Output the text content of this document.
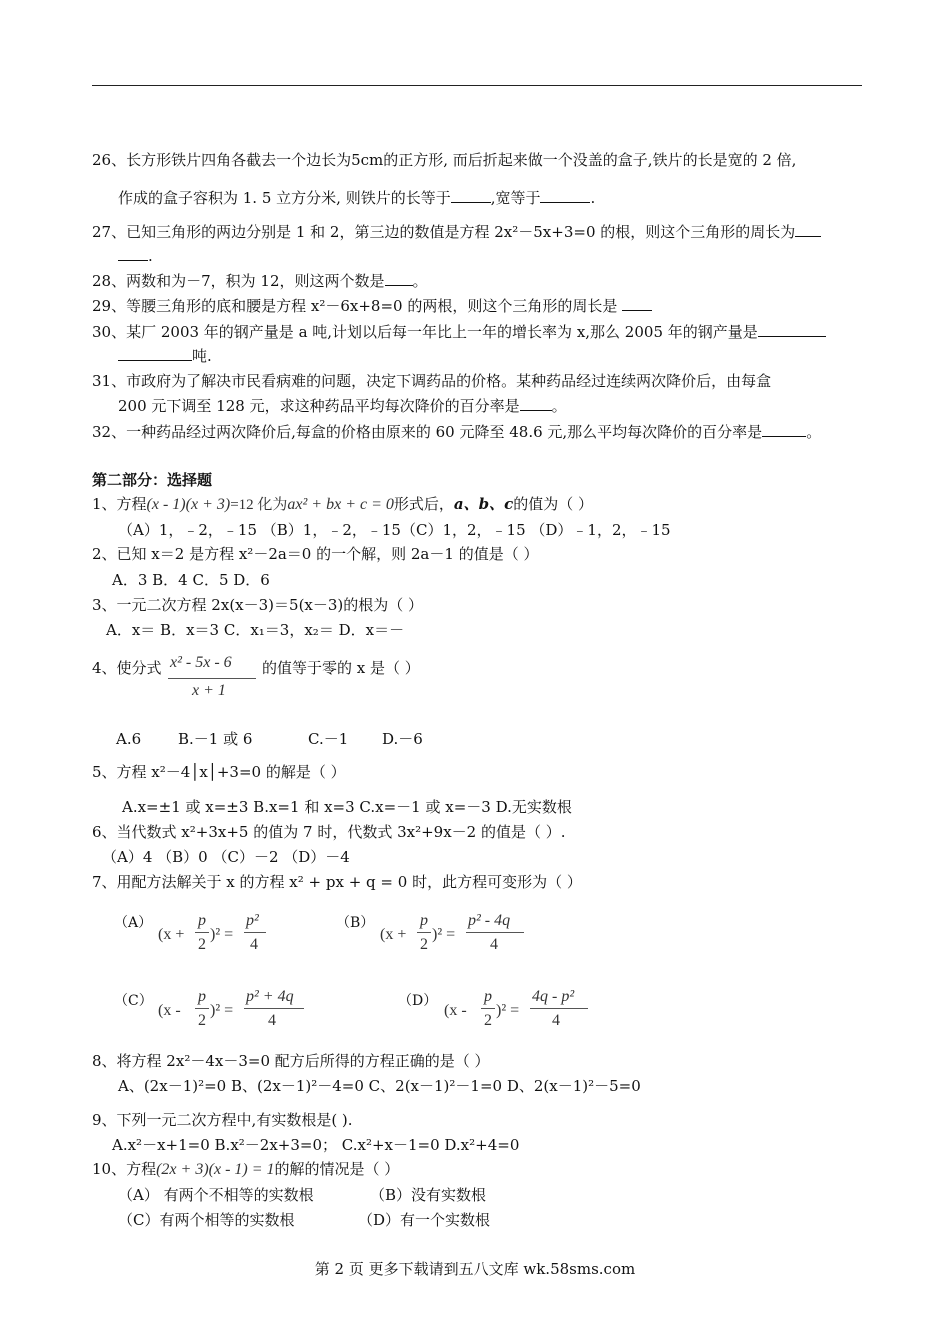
26、长方形铁片四角各截去一个边长为5cm的正方形, 而后折起来做一个没盖的盒子,铁片的长是宽的 2 倍,
作成的盒子容积为 1. 5 立方分米, 则铁片的长等于	,宽等于	.
27、已知三角形的两边分别是 1 和 2，第三边的数值是方程 2x²－5x+3=0 的根，则这个三角形的周长为
.
28、两数和为－7，积为 12，则这两个数是 。
29、等腰三角形的底和腰是方程 x²－6x+8=0 的两根，则这个三角形的周长是
30、某厂 2003 年的钢产量是 a 吨,计划以后每一年比上一年的增长率为 x,那么 2005 年的钢产量是
吨.
31、市政府为了解决市民看病难的问题，决定下调药品的价格。某种药品经过连续两次降价后，由每盒
200 元下调至 128 元，求这种药品平均每次降价的百分率是 。
32、一种药品经过两次降价后,每盒的价格由原来的 60 元降至 48.6 元,那么平均每次降价的百分率是	。
第二部分：选择题
1、方程(x - 1)(x + 3)=12 化为ax² + bx + c = 0形式后，a、b、c的值为（ ）
（A）1，﹣2，﹣15 （B）1，﹣2，﹣15（C）1，2，﹣15 （D）﹣1，2，﹣15
2、已知 x＝2 是方程 x²－2a＝0 的一个解，则 2a－1 的值是（ ）
A．3 B．4 C．5 D．6
3、一元二次方程 2x(x－3)＝5(x－3)的根为（ ）
A．x＝ B．x＝3 C．x₁＝3，x₂＝ D．x＝－
4、使分式 x² - 5x - 6
x + 1
的值等于零的 x 是（ ）
A.6 B.－1 或 6	C.－1 D.－6
5、方程 x²－4│x│+3=0 的解是（ ）
A.x=±1 或 x=±3 B.x=1 和 x=3 C.x=－1 或 x=－3 D.无实数根
6、当代数式 x²+3x+5 的值为 7 时，代数式 3x²+9x－2 的值是（ ）.
（A）4 （B）0 （C）－2 （D）－4
7、用配方法解关于 x 的方程 x² + px + q = 0 时，此方程可变形为（ ）
（A）
(x +
p
2
)² =
p²
4
（B）
(x +
p
2
)² =
p² - 4q
4
（C）
(x -
p
2
)² =
p² + 4q
4
（D）
(x -
p
2
)² =
4q - p²
4
8、将方程 2x²－4x－3=0 配方后所得的方程正确的是（ ）
A、(2x－1)²=0 B、(2x－1)²－4=0 C、2(x－1)²－1=0 D、2(x－1)²－5=0
9、下列一元二次方程中,有实数根是( ).
A.x²－x+1=0 B.x²－2x+3=0； C.x²+x－1=0 D.x²+4=0
10、方程(2x + 3)(x - 1) = 1的解的情况是（ ）
（A） 有两个不相等的实数根	（B）没有实数根
（C）有两个相等的实数根	（D）有一个实数根
第 2 页 更多下载请到五八文库 wk.58sms.com
